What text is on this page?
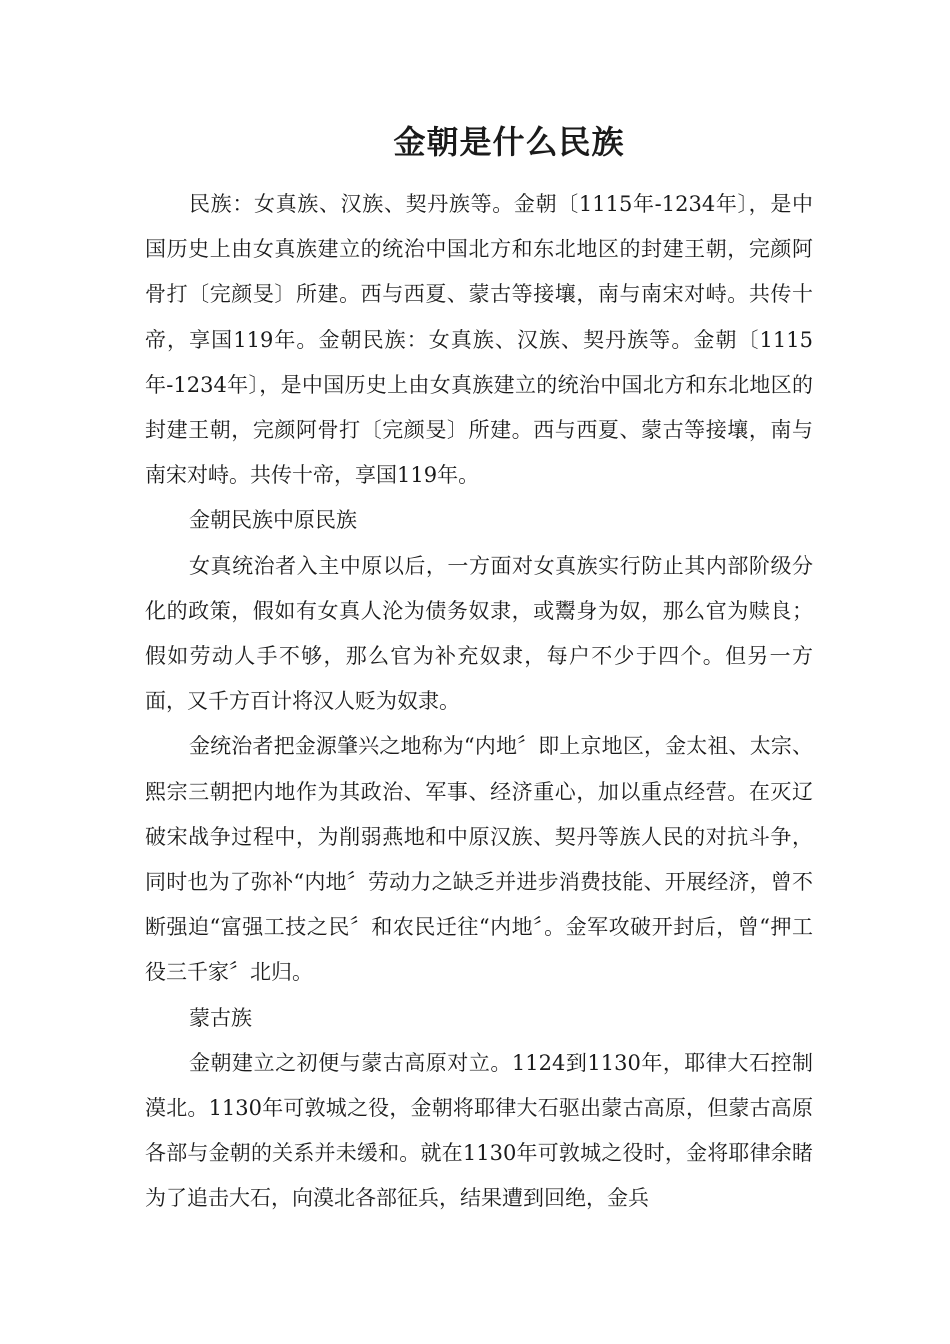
金朝是什么民族

民族：女真族、汉族、契丹族等。金朝〔1115年-1234年〕，是中国历史上由女真族建立的统治中国北方和东北地区的封建王朝，完颜阿骨打〔完颜旻〕所建。西与西夏、蒙古等接壤，南与南宋对峙。共传十帝，享国119年。金朝民族：女真族、汉族、契丹族等。金朝〔1115年-1234年〕，是中国历史上由女真族建立的统治中国北方和东北地区的封建王朝，完颜阿骨打〔完颜旻〕所建。西与西夏、蒙古等接壤，南与南宋对峙。共传十帝，享国119年。

金朝民族中原民族

女真统治者入主中原以后，一方面对女真族实行防止其内部阶级分化的政策，假如有女真人沦为债务奴隶，或鬻身为奴，那么官为赎良；假如劳动人手不够，那么官为补充奴隶，每户不少于四个。但另一方面，又千方百计将汉人贬为奴隶。

金统治者把金源肇兴之地称为“内地〞即上京地区，金太祖、太宗、熙宗三朝把内地作为其政治、军事、经济重心，加以重点经营。在灭辽破宋战争过程中，为削弱燕地和中原汉族、契丹等族人民的对抗斗争，同时也为了弥补“内地〞劳动力之缺乏并进步消费技能、开展经济，曾不断强迫“富强工技之民〞和农民迁往“内地〞。金军攻破开封后，曾“押工役三千家〞北归。

蒙古族

金朝建立之初便与蒙古高原对立。1124到1130年，耶律大石控制漠北。1130年可敦城之役，金朝将耶律大石驱出蒙古高原，但蒙古高原各部与金朝的关系并未缓和。就在1130年可敦城之役时，金将耶律余睹为了追击大石，向漠北各部征兵，结果遭到回绝，金兵
